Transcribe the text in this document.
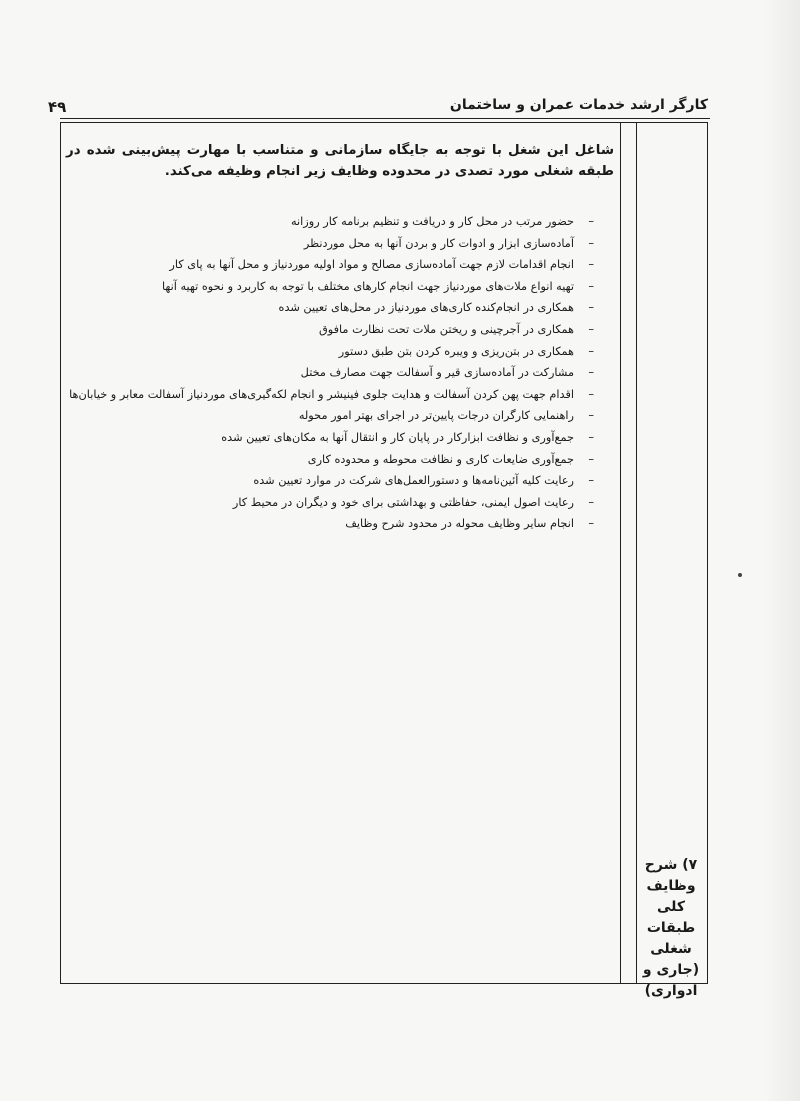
۴۹	کارگر ارشد خدمات عمران و ساختمان
۷) شرح
وظایف
کلی
طبقات
شغلی
(جاری و
ادواری)
شاغل این شغل با توجه به جایگاه سازمانی و متناسب با مهارت پیش‌بینی شده در طبقه شغلی مورد تصدی در محدوده وظایف زیر انجام وظیفه می‌کند.
– حضور مرتب در محل کار و دریافت و تنظیم برنامه کار روزانه
– آماده‌سازی ابزار و ادوات کار و بردن آنها به محل موردنظر
– انجام اقدامات لازم جهت آماده‌سازی مصالح و مواد اولیه موردنیاز و محل آنها به پای کار
– تهیه انواع ملات‌های موردنیاز جهت انجام کارهای مختلف با توجه به کاربرد و نحوه تهیه آنها
– همکاری در انجام‌کنده کاری‌های موردنیاز در محل‌های تعیین شده
– همکاری در آجرچینی و ریختن ملات تحت نظارت مافوق
– همکاری در بتن‌ریزی و ویبره کردن بتن طبق دستور
– مشارکت در آماده‌سازی قیر و آسفالت جهت مصارف مختل
– اقدام جهت پهن کردن آسفالت و هدایت جلوی فینیشر و انجام لکه‌گیری‌های موردنیاز آسفالت معابر و خیابان‌ها
– راهنمایی کارگران درجات پایین‌تر در اجرای بهتر امور محوله
– جمع‌آوری و نظافت ابزارکار در پایان کار و انتقال آنها به مکان‌های تعیین شده
– جمع‌آوری ضایعات کاری و نظافت محوطه و محدوده کاری
– رعایت کلیه آئین‌نامه‌ها و دستورالعمل‌های شرکت در موارد تعیین شده
– رعایت اصول ایمنی، حفاظتی و بهداشتی برای خود و دیگران در محیط کار
– انجام سایر وظایف محوله در محدود شرح وظایف
